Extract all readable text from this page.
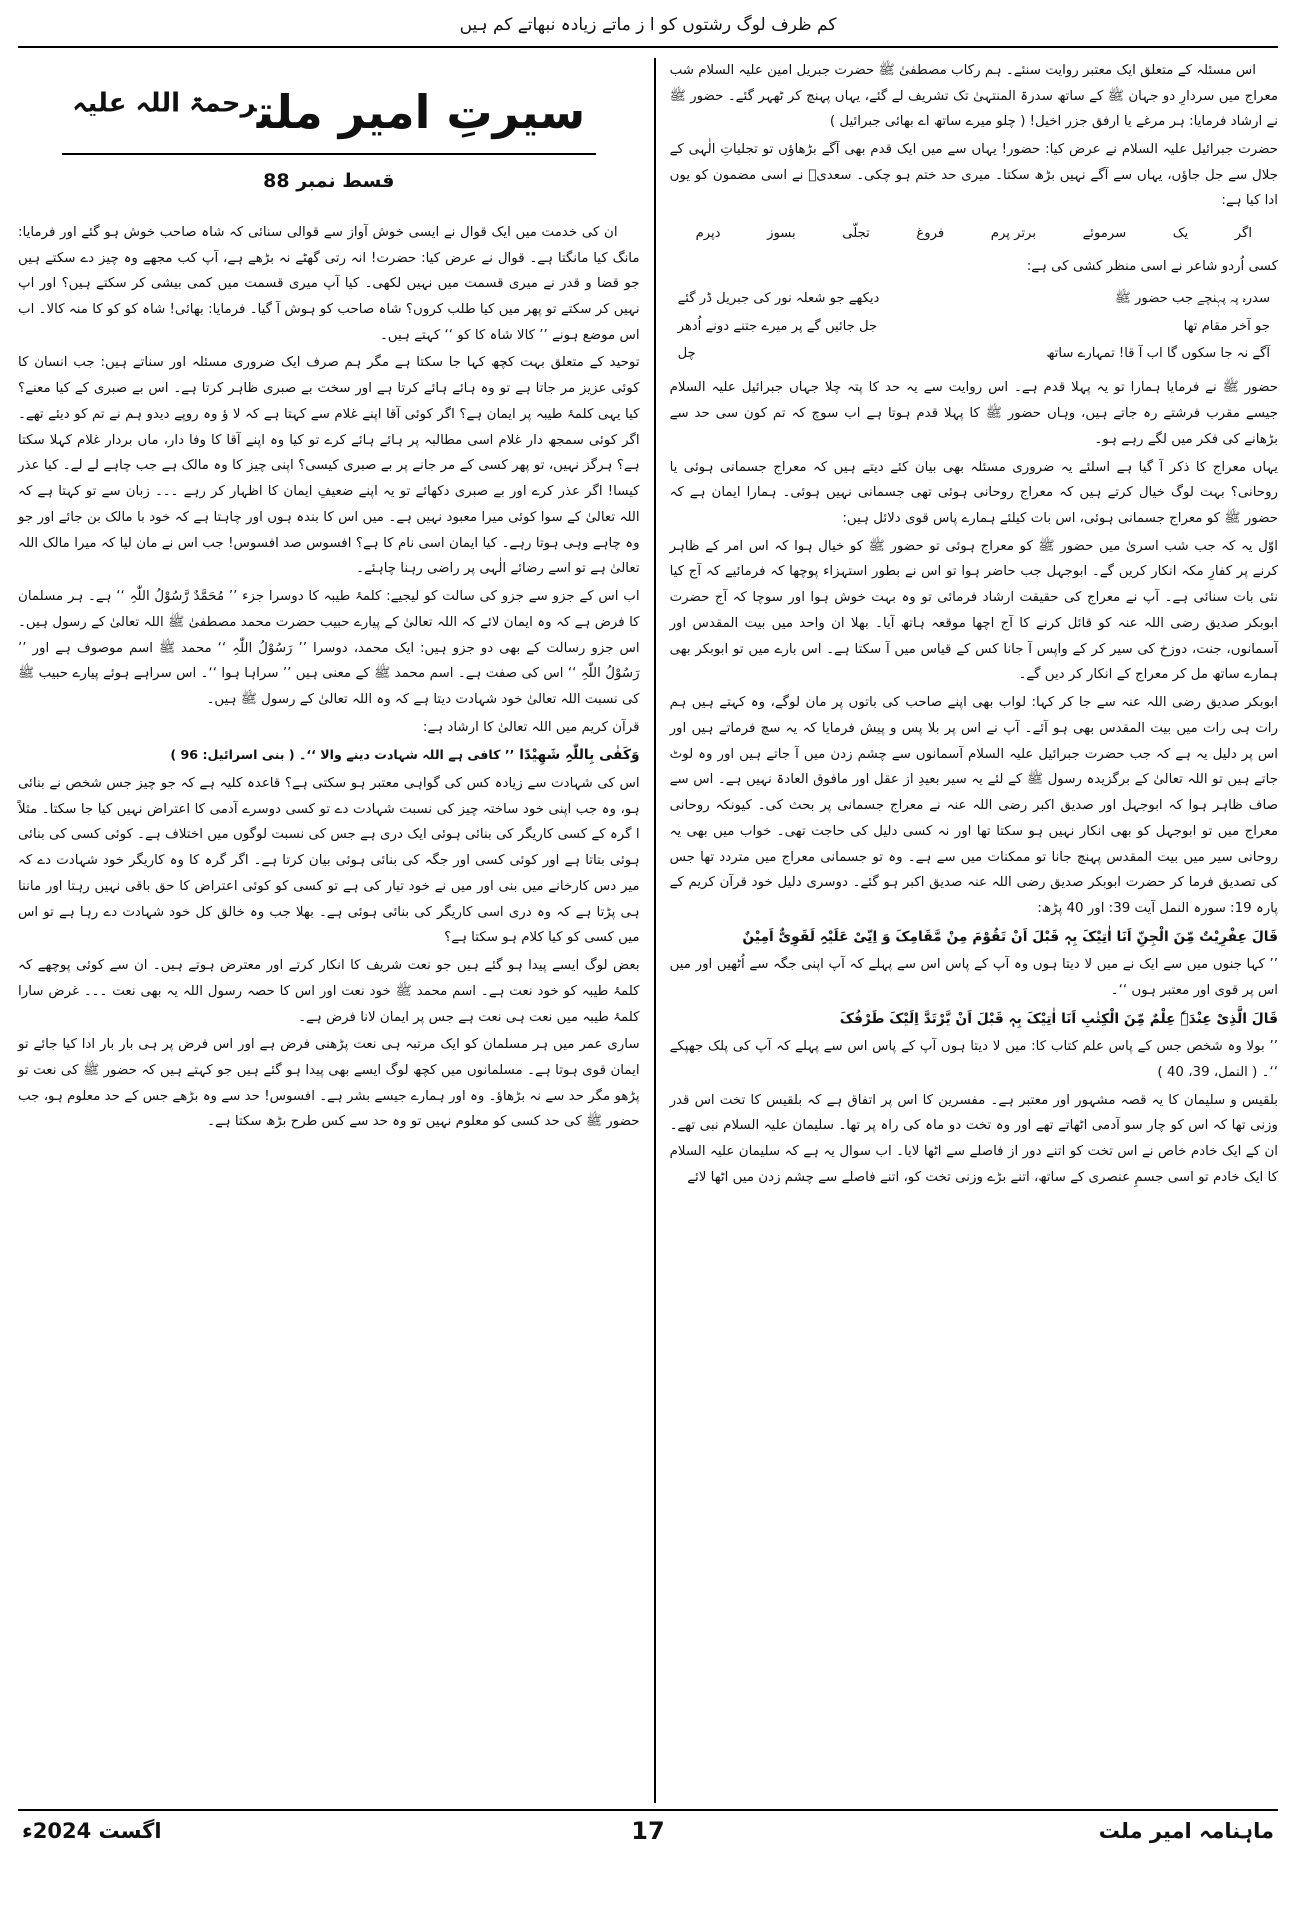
کم ظرف لوگ رشتوں کو ا ز ماتے زیادہ نبھاتے کم ہیں

اس مسئلہ کے متعلق ایک معتبر روایت سنئے۔ ہم رکاب مصطفیٰ ﷺ حضرت جبریل امین علیہ السلام شب معراج میں سردارِ دو جہان ﷺ کے ساتھ سدرۃ المنتہیٰ تک تشریف لے گئے، یہاں پہنچ کر ٹھہر گئے۔ حضور ﷺ نے ارشاد فرمایا: ہر مرغے یا ارفق جزر اخیل! ( چلو میرے ساتھ اے بھائی جبرائیل )

حضرت جبرائیل علیہ السلام نے عرض کیا: حضور! یہاں سے میں ایک قدم بھی آگے بڑھاؤں تو تجلیاتِ الٰہی کے جلال سے جل جاؤں، یہاں سے آگے نہیں بڑھ سکتا۔ میری حد ختم ہو چکی۔ سعدیؒ نے اسی مضمون کو یوں ادا کیا ہے:

اگر
یک
سرموئے
برتر پرم
فروغ
تجلّی
بسوز
دپرم

کسی اُردو شاعر نے اسی منظر کشی کی ہے:

سدرہ پہ پہنچے جب حضور ﷺ
دیکھے جو شعلہ نور کی جبریل ڈر گئے
جو آخر مقام تھا
جل جائیں گے پر میرے جتنے دونے اُدھر
آگے نہ جا سکوں گا اب آ قا! تمہارے ساتھ
چل

حضور ﷺ نے فرمایا ہمارا تو یہ پہلا قدم ہے۔ اس روایت سے یہ حد کا پتہ چلا جہاں جبرائیل علیہ السلام جیسے مقرب فرشتے رہ جاتے ہیں، وہاں حضور ﷺ کا پہلا قدم ہوتا ہے اب سوچ کہ تم کون سی حد سے بڑھانے کی فکر میں لگے رہے ہو۔

یہاں معراج کا ذکر آ گیا ہے اسلئے یہ ضروری مسئلہ بھی بیان کئے دیتے ہیں کہ معراج جسمانی ہوئی یا روحانی؟ بہت لوگ خیال کرتے ہیں کہ معراج روحانی ہوئی تھی جسمانی نہیں ہوئی۔ ہمارا ایمان ہے کہ حضور ﷺ کو معراج جسمانی ہوئی، اس بات کیلئے ہمارے پاس قوی دلائل ہیں:

اوّل یہ کہ جب شب اسریٰ میں حضور ﷺ کو معراج ہوئی تو حضور ﷺ کو خیال ہوا کہ اس امر کے ظاہر کرنے پر کفارِ مکہ انکار کریں گے۔ ابوجہل جب حاضر ہوا تو اس نے بطور استہزاء پوچھا کہ فرمائیے کہ آج کیا نئی بات سنائی ہے۔ آپ نے معراج کی حقیقت ارشاد فرمائی تو وہ بہت خوش ہوا اور سوچا کہ آج حضرت ابوبکر صدیق رضی اللہ عنہ کو قائل کرنے کا آج اچھا موقعہ ہاتھ آیا۔ بھلا ان واحد میں بیت المقدس اور آسمانوں، جنت، دوزخ کی سیر کر کے واپس آ جانا کس کے قیاس میں آ سکتا ہے۔ اس بارے میں تو ابوبکر بھی ہمارے ساتھ مل کر معراج کے انکار کر دیں گے۔

ابوبکر صدیق رضی اللہ عنہ سے جا کر کہا: لواب بھی اپنے صاحب کی باتوں پر مان لوگے، وہ کہتے ہیں ہم رات ہی رات میں بیت المقدس بھی ہو آئے۔ آپ نے اس پر بلا پس و پیش فرمایا کہ یہ سچ فرماتے ہیں اور اس پر دلیل یہ ہے کہ جب حضرت جبرائیل علیہ السلام آسمانوں سے چشم زدن میں آ جاتے ہیں اور وہ لوٹ جاتے ہیں تو اللہ تعالیٰ کے برگزیدہ رسول ﷺ کے لئے یہ سیر بعیدِ از عقل اور مافوق العادۃ نہیں ہے۔ اس سے صاف ظاہر ہوا کہ ابوجہل اور صدیق اکبر رضی اللہ عنہ نے معراج جسمانی پر بحث کی۔ کیونکہ روحانی معراج میں تو ابوجہل کو بھی انکار نہیں ہو سکتا تھا اور نہ کسی دلیل کی حاجت تھی۔ خواب میں بھی یہ روحانی سیر میں بیت المقدس پہنچ جانا تو ممکنات میں سے ہے۔ وہ تو جسمانی معراج میں متردد تھا جس کی تصدیق فرما کر حضرت ابوبکر صدیق رضی اللہ عنہ صدیق اکبر ہو گئے۔ دوسری دلیل خود قرآن کریم کے پارہ 19: سورہ النمل آیت 39: اور 40 پڑھ:

قَالَ عِفْرِیْتٌ مِّنَ الْجِنِّ اَنَا اٰتِیْکَ بِہٖ قَبْلَ اَنْ تَقُوْمَ مِنْ مَّقَامِکَ وَ اِنِّیْ عَلَیْہِ لَقَوِیٌّ اَمِیْنٌ

’’ کہا جنوں میں سے ایک نے میں لا دیتا ہوں وہ آپ کے پاس اس سے پہلے کہ آپ اپنی جگہ سے اُٹھیں اور میں اس پر قوی اور معتبر ہوں ‘‘۔

قَالَ الَّذِیْ عِنْدَہٗ عِلْمٌ مِّنَ الْکِتٰبِ اَنَا اٰتِیْکَ بِہٖ قَبْلَ اَنْ یَّرْتَدَّ اِلَیْکَ طَرْفُکَ

’’ بولا وہ شخص جس کے پاس علم کتاب کا: میں لا دیتا ہوں آپ کے پاس اس سے پہلے کہ آپ کی پلک جھپکے ‘‘۔ ( النمل، 39، 40 )

بلقیس و سلیمان کا یہ قصہ مشہور اور معتبر ہے۔ مفسرین کا اس پر اتفاق ہے کہ بلقیس کا تخت اس قدر وزنی تھا کہ اس کو چار سو آدمی اٹھاتے تھے اور وہ تخت دو ماہ کی راہ پر تھا۔ سلیمان علیہ السلام نبی تھے۔ ان کے ایک خادم خاص نے اس تخت کو اتنے دور از فاصلے سے اٹھا لایا۔ اب سوال یہ ہے کہ سلیمان علیہ السلام کا ایک خادم تو اسی جسمِ عنصری کے ساتھ، اتنے بڑے وزنی تخت کو، اتنے فاصلے سے چشم زدن میں اٹھا لائے

سیرتِ امیر ملت$^{رحمۃ اللہ علیہ}$
قسط نمبر 88

ان کی خدمت میں ایک قوال نے ایسی خوش آواز سے قوالی سنائی کہ شاہ صاحب خوش ہو گئے اور فرمایا: مانگ کیا مانگتا ہے۔ قوال نے عرض کیا: حضرت! انہ رتی گھٹے نہ بڑھے ہے، آپ کب مجھے وہ چیز دے سکتے ہیں جو قضا و قدر نے میری قسمت میں نہیں لکھی۔ کیا آپ میری قسمت میں کمی بیشی کر سکتے ہیں؟ اور اپ نہیں کر سکتے تو پھر میں کیا طلب کروں؟ شاہ صاحب کو ہوش آ گیا۔ فرمایا: بھائی! شاہ کو کو کا منہ کالا۔ اب اس موضع ہونے ’’ کالا شاہ کا کو ‘‘ کہتے ہیں۔

توحید کے متعلق بہت کچھ کہا جا سکتا ہے مگر ہم صرف ایک ضروری مسئلہ اور سناتے ہیں: جب انسان کا کوئی عزیز مر جاتا ہے تو وہ ہائے ہائے کرتا ہے اور سخت بے صبری ظاہر کرتا ہے۔ اس بے صبری کے کیا معنے؟ کیا یہی کلمۂ طیبہ پر ایمان ہے؟ اگر کوئی آقا اپنے غلام سے کہتا ہے کہ لا ؤ وہ روپے دیدو ہم نے تم کو دیئے تھے۔ اگر کوئی سمجھ دار غلام اسی مطالبہ پر ہائے ہائے کرے تو کیا وہ اپنے آقا کا وفا دار، ماں بردار غلام کہلا سکتا ہے؟ ہرگز نہیں، تو پھر کسی کے مر جانے پر بے صبری کیسی؟ اپنی چیز کا وہ مالک ہے جب چاہے لے لے۔ کیا عذر کیسا! اگر عذر کرے اور بے صبری دکھائے تو یہ اپنے ضعیفِ ایمان کا اظہار کر رہے ۔۔۔ زبان سے تو کہتا ہے کہ اللہ تعالیٰ کے سوا کوئی میرا معبود نہیں ہے۔ میں اس کا بندہ ہوں اور چاہتا ہے کہ خود با مالک بن جائے اور جو وہ چاہے وہی ہوتا رہے۔ کیا ایمان اسی نام کا ہے؟ افسوس صد افسوس! جب اس نے مان لیا کہ میرا مالک اللہ تعالیٰ ہے تو اسے رضائے الٰہی پر راضی رہنا چاہئے۔

اب اس کے جزو سے جزو کی سالت کو لیجیے: کلمۂ طیبہ کا دوسرا جزء ’’ مُحَمَّدٌ رَّسُوْلُ اللّٰہِ ‘‘ ہے۔ ہر مسلمان کا فرض ہے کہ وہ ایمان لائے کہ اللہ تعالیٰ کے پیارے حبیب حضرت محمد مصطفیٰ ﷺ اللہ تعالیٰ کے رسول ہیں۔ اس جزو رسالت کے بھی دو جزو ہیں: ایک محمد، دوسرا ’’ رَسُوْلُ اللّٰہِ ‘‘ محمد ﷺ اسم موصوف ہے اور ’’ رَسُوْلُ اللّٰہِ ‘‘ اس کی صفت ہے۔ اسم محمد ﷺ کے معنی ہیں ’’ سراہا ہوا ‘‘۔ اس سراہے ہوئے پیارے حبیب ﷺ کی نسبت اللہ تعالیٰ خود شہادت دیتا ہے کہ وہ اللہ تعالیٰ کے رسول ﷺ ہیں۔

قرآن کریم میں اللہ تعالیٰ کا ارشاد ہے:

وَکَفٰی بِاللّٰہِ شَھِیْدًا ’’ کافی ہے اللہ شہادت دینے والا ‘‘۔ ( بنی اسرائیل: 96 )

اس کی شہادت سے زیادہ کس کی گواہی معتبر ہو سکتی ہے؟ قاعدہ کلیہ ہے کہ جو چیز جس شخص نے بنائی ہو، وہ جب اپنی خود ساختہ چیز کی نسبت شہادت دے تو کسی دوسرے آدمی کا اعتراض نہیں کیا جا سکتا۔ مثلاً ا گرہ کے کسی کاریگر کی بنائی ہوئی ایک دری ہے جس کی نسبت لوگوں میں اختلاف ہے۔ کوئی کسی کی بنائی ہوئی بتاتا ہے اور کوئی کسی اور جگہ کی بنائی ہوئی بیان کرتا ہے۔ اگر گرہ کا وہ کاریگر خود شہادت دے کہ میر دس کارخانے میں بنی اور میں نے خود تیار کی ہے تو کسی کو کوئی اعتراض کا حق باقی نہیں رہتا اور ماننا ہی پڑتا ہے کہ وہ دری اسی کاریگر کی بنائی ہوئی ہے۔ بھلا جب وہ خالق کل خود شہادت دے رہا ہے تو اس میں کسی کو کیا کلام ہو سکتا ہے؟

بعض لوگ ایسے پیدا ہو گئے ہیں جو نعت شریف کا انکار کرتے اور معترض ہوتے ہیں۔ ان سے کوئی پوچھے کہ کلمۂ طیبہ کو خود نعت ہے۔ اسم محمد ﷺ خود نعت اور اس کا حصہ رسول اللہ یہ بھی نعت ۔۔۔ غرض سارا کلمۂ طیبہ میں نعت ہی نعت ہے جس پر ایمان لانا فرض ہے۔

ساری عمر میں ہر مسلمان کو ایک مرتبہ ہی نعت پڑھنی فرض ہے اور اس فرض پر ہی بار بار ادا کیا جائے تو ایمان قوی ہوتا ہے۔ مسلمانوں میں کچھ لوگ ایسے بھی پیدا ہو گئے ہیں جو کہتے ہیں کہ حضور ﷺ کی نعت تو پڑھو مگر حد سے نہ بڑھاؤ۔ وہ اور ہمارے جیسے بشر ہے۔ افسوس! حد سے وہ بڑھے جس کے حد معلوم ہو، جب حضور ﷺ کی حد کسی کو معلوم نہیں تو وہ حد سے کس طرح بڑھ سکتا ہے۔

اگست 2024ء	17	ماہنامہ امیر ملت
